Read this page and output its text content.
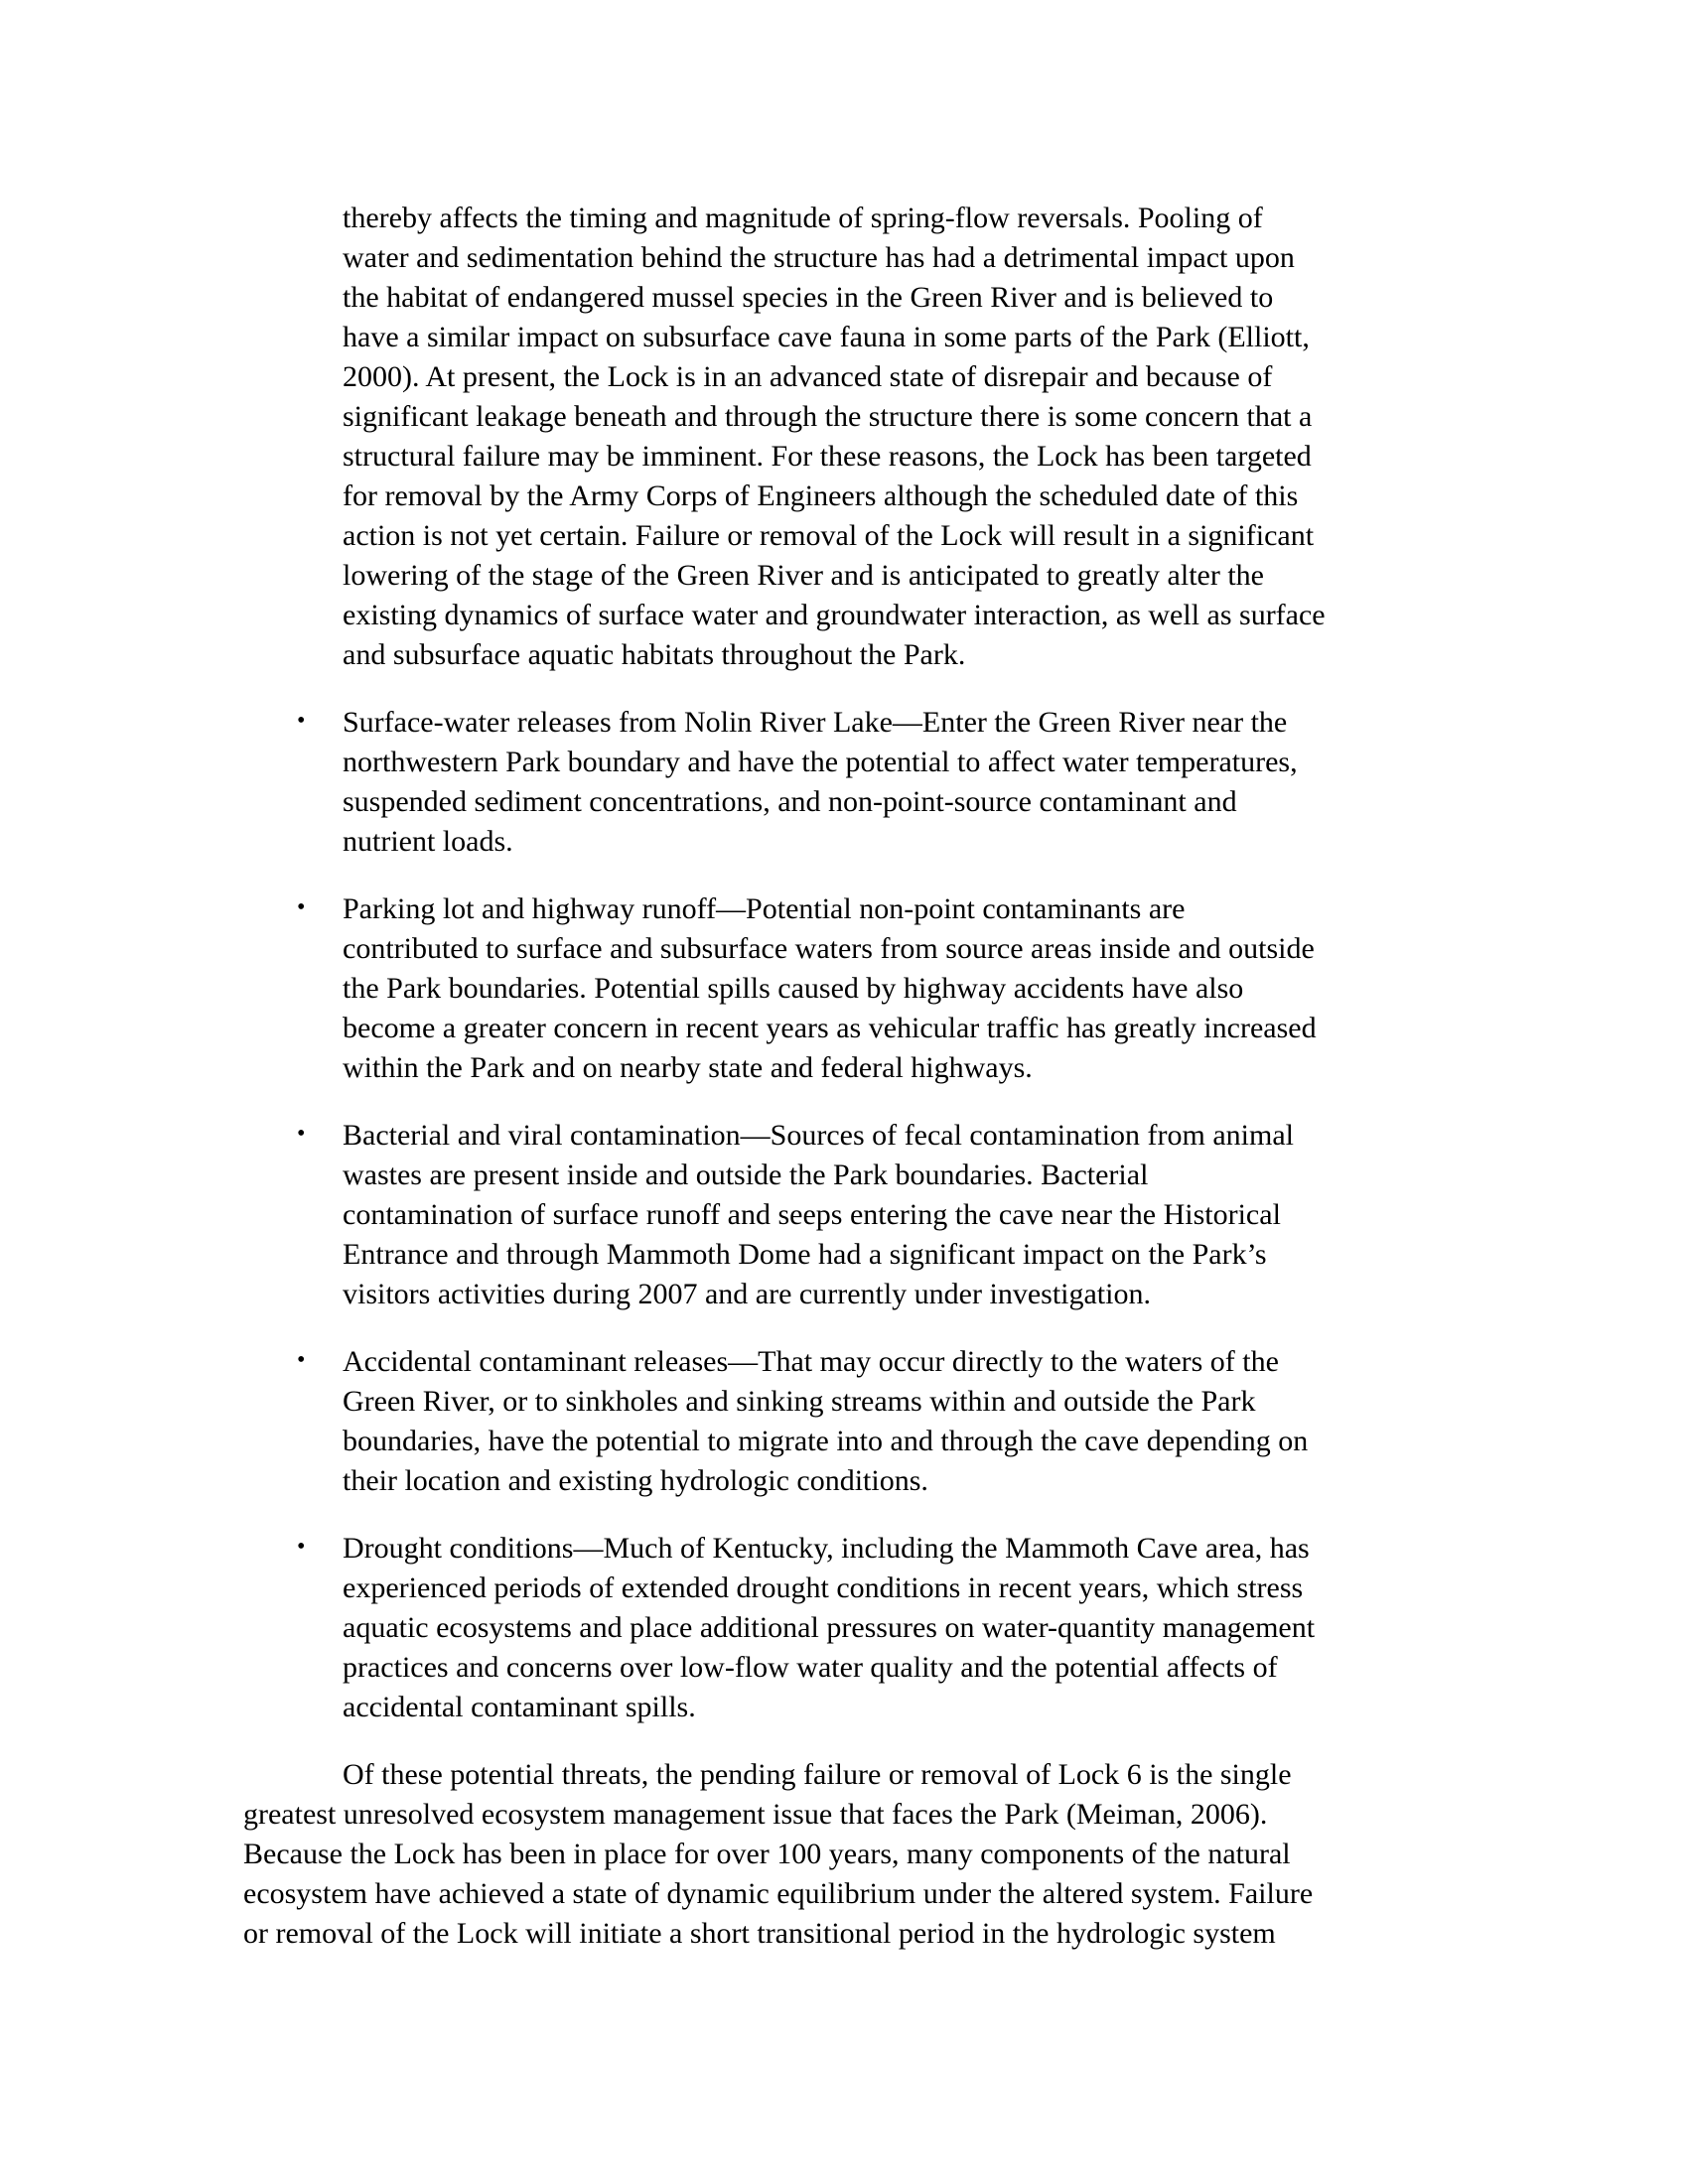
thereby affects the timing and magnitude of spring-flow reversals. Pooling of
water and sedimentation behind the structure has had a detrimental impact upon
the habitat of endangered mussel species in the Green River and is believed to
have a similar impact on subsurface cave fauna in some parts of the Park (Elliott,
2000). At present, the Lock is in an advanced state of disrepair and because of
significant leakage beneath and through the structure there is some concern that a
structural failure may be imminent. For these reasons, the Lock has been targeted
for removal by the Army Corps of Engineers although the scheduled date of this
action is not yet certain. Failure or removal of the Lock will result in a significant
lowering of the stage of the Green River and is anticipated to greatly alter the
existing dynamics of surface water and groundwater interaction, as well as surface
and subsurface aquatic habitats throughout the Park.
• Surface-water releases from Nolin River Lake—Enter the Green River near the
northwestern Park boundary and have the potential to affect water temperatures,
suspended sediment concentrations, and non-point-source contaminant and
nutrient loads.
• Parking lot and highway runoff—Potential non-point contaminants are
contributed to surface and subsurface waters from source areas inside and outside
the Park boundaries. Potential spills caused by highway accidents have also
become a greater concern in recent years as vehicular traffic has greatly increased
within the Park and on nearby state and federal highways.
• Bacterial and viral contamination—Sources of fecal contamination from animal
wastes are present inside and outside the Park boundaries. Bacterial
contamination of surface runoff and seeps entering the cave near the Historical
Entrance and through Mammoth Dome had a significant impact on the Park’s
visitors activities during 2007 and are currently under investigation.
• Accidental contaminant releases—That may occur directly to the waters of the
Green River, or to sinkholes and sinking streams within and outside the Park
boundaries, have the potential to migrate into and through the cave depending on
their location and existing hydrologic conditions.
• Drought conditions—Much of Kentucky, including the Mammoth Cave area, has
experienced periods of extended drought conditions in recent years, which stress
aquatic ecosystems and place additional pressures on water-quantity management
practices and concerns over low-flow water quality and the potential affects of
accidental contaminant spills.
Of these potential threats, the pending failure or removal of Lock 6 is the single
greatest unresolved ecosystem management issue that faces the Park (Meiman, 2006).
Because the Lock has been in place for over 100 years, many components of the natural
ecosystem have achieved a state of dynamic equilibrium under the altered system. Failure
or removal of the Lock will initiate a short transitional period in the hydrologic system
